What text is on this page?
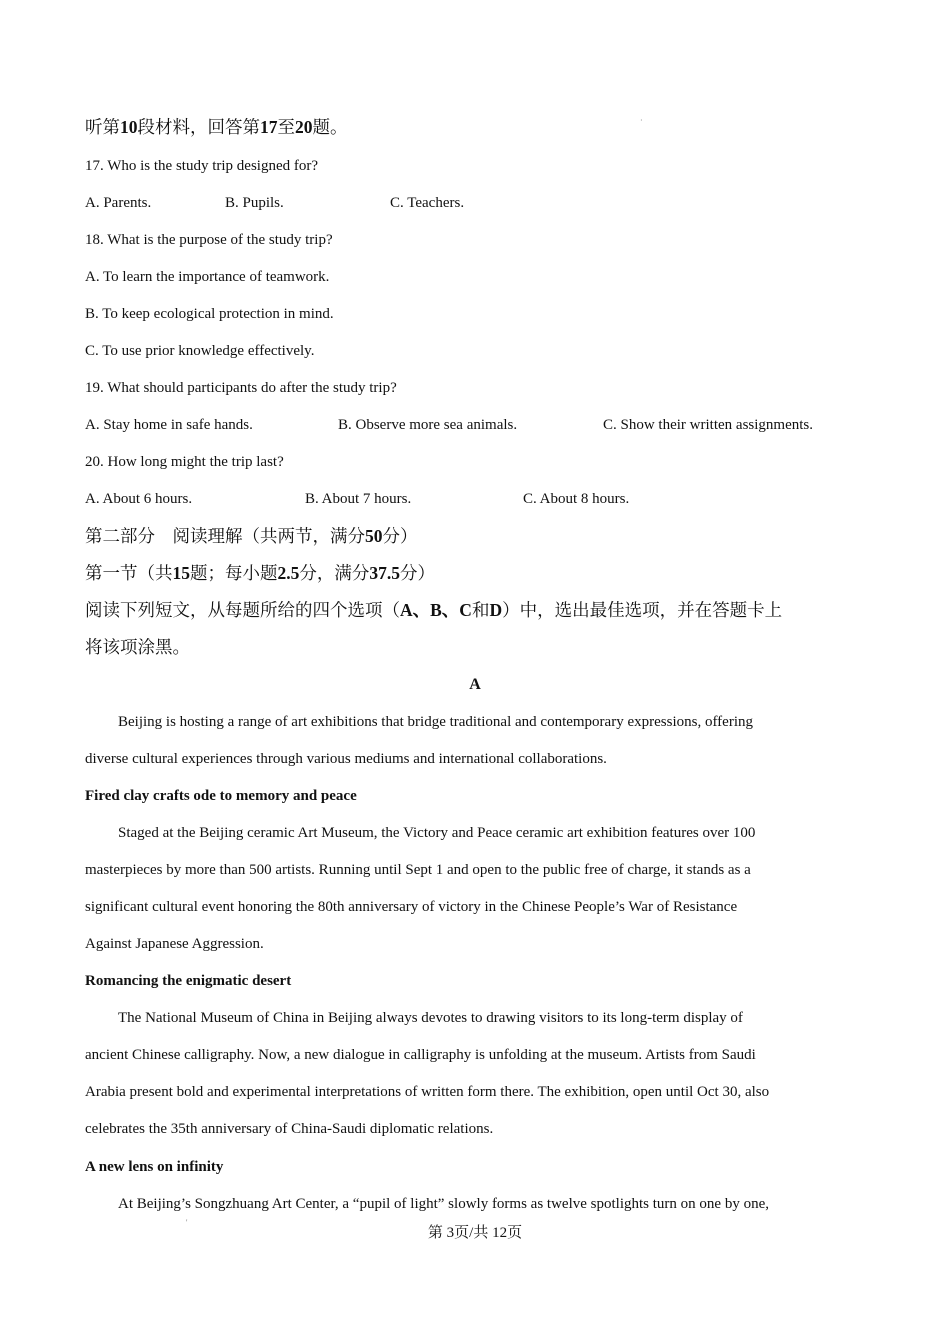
听第10段材料，回答第17至20题。	·
17. Who is the study trip designed for?
A. Parents.	B. Pupils.	C. Teachers.
18. What is the purpose of the study trip?
A. To learn the importance of teamwork.
B. To keep ecological protection in mind.
C. To use prior knowledge effectively.
19. What should participants do after the study trip?
A. Stay home in safe hands.	B. Observe more sea animals.	C. Show their written assignments.
20. How long might the trip last?
A. About 6 hours.	B. About 7 hours.	C. About 8 hours.
第二部分　阅读理解（共两节，满分50分）
第一节（共15题；每小题2.5分，满分37.5分）
阅读下列短文，从每题所给的四个选项（A、B、C和D）中，选出最佳选项，并在答题卡上
将该项涂黑。
A
Beijing is hosting a range of art exhibitions that bridge traditional and contemporary expressions, offering
diverse cultural experiences through various mediums and international collaborations.
Fired clay crafts ode to memory and peace
Staged at the Beijing ceramic Art Museum, the Victory and Peace ceramic art exhibition features over 100
masterpieces by more than 500 artists. Running until Sept 1 and open to the public free of charge, it stands as a
significant cultural event honoring the 80th anniversary of victory in the Chinese People’s War of Resistance
Against Japanese Aggression.
Romancing the enigmatic desert
The National Museum of China in Beijing always devotes to drawing visitors to its long-term display of
ancient Chinese calligraphy. Now, a new dialogue in calligraphy is unfolding at the museum. Artists from Saudi
Arabia present bold and experimental interpretations of written form there. The exhibition, open until Oct 30, also
celebrates the 35th anniversary of China-Saudi diplomatic relations.
A new lens on infinity
At Beijing’s Songzhuang Art Center, a “pupil of light” slowly forms as twelve spotlights turn on one by one,
'
第 3页/共 12页
